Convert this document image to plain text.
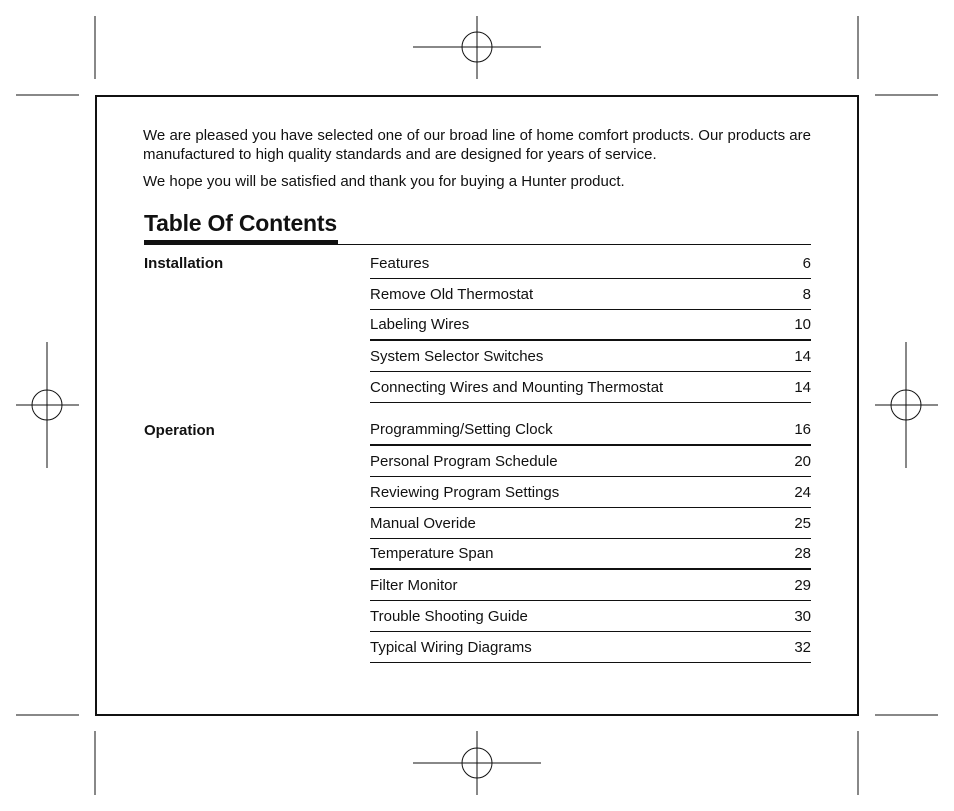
We are pleased you have selected one of our broad line of home comfort products. Our products are manufactured to high quality standards and are designed for years of service.

We hope you will be satisfied and thank you for buying a Hunter product.

Table Of Contents
Installation	Features	6
Remove Old Thermostat	8
Labeling Wires	10
System Selector Switches	14
Connecting Wires and Mounting Thermostat	14
Operation	Programming/Setting Clock	16
Personal Program Schedule	20
Reviewing Program Settings	24
Manual Overide	25
Temperature Span	28
Filter Monitor	29
Trouble Shooting Guide	30
Typical Wiring Diagrams	32
